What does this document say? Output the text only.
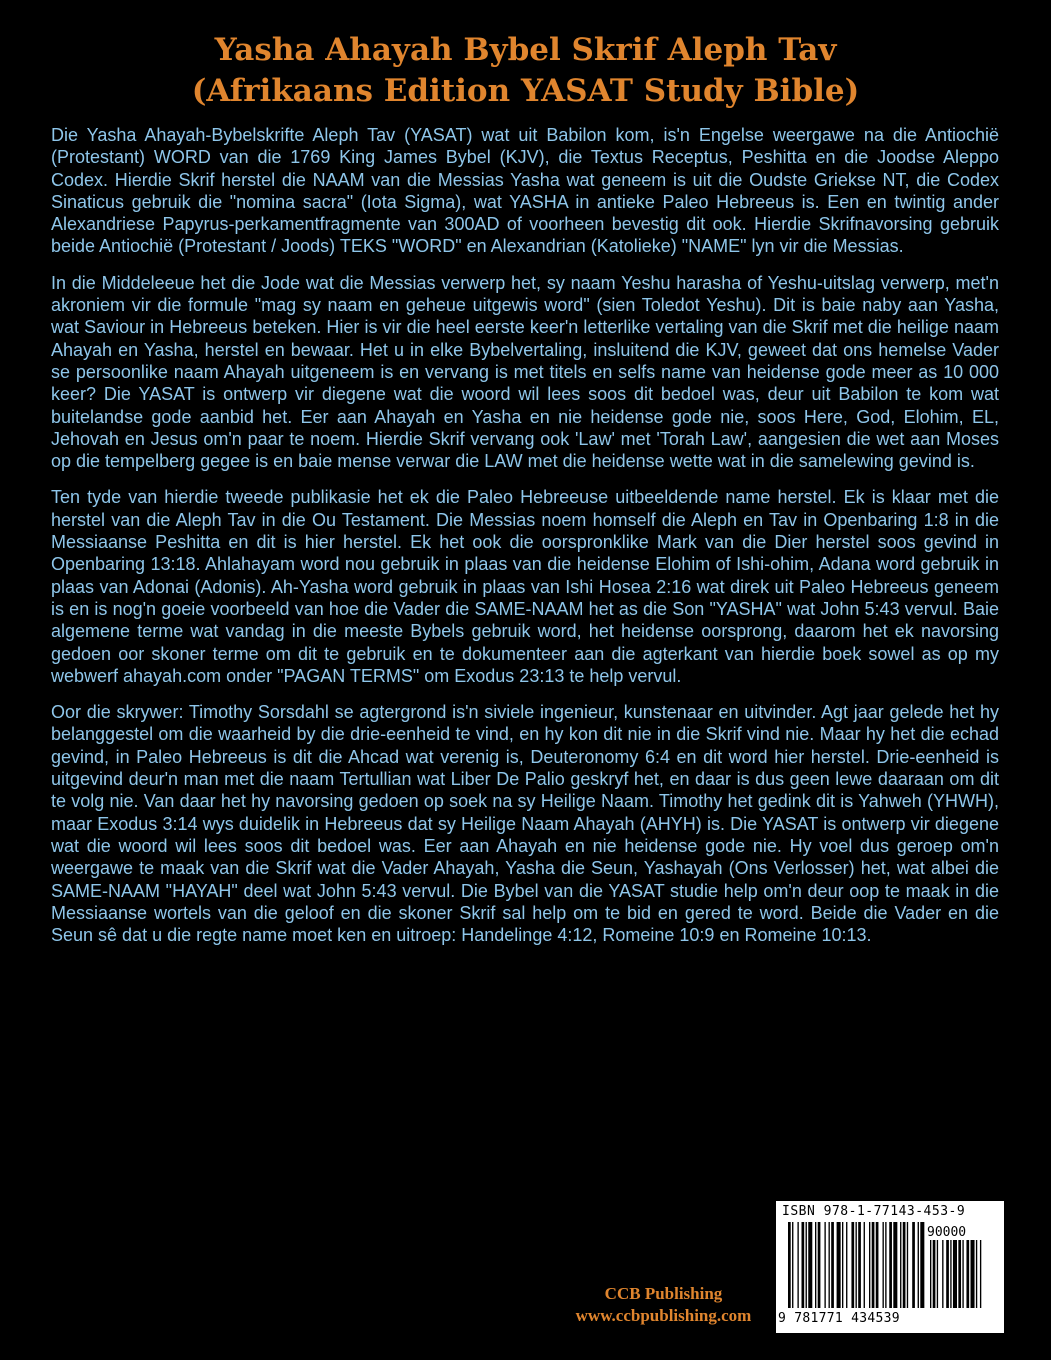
Yasha Ahayah Bybel Skrif Aleph Tav
(Afrikaans Edition YASAT Study Bible)

Die Yasha Ahayah-Bybelskrifte Aleph Tav (YASAT) wat uit Babilon kom, is'n Engelse weergawe na die Antiochië (Protestant) WORD van die 1769 King James Bybel (KJV), die Textus Receptus, Peshitta en die Joodse Aleppo Codex. Hierdie Skrif herstel die NAAM van die Messias Yasha wat geneem is uit die Oudste Griekse NT, die Codex Sinaticus gebruik die "nomina sacra" (Iota Sigma), wat YASHA in antieke Paleo Hebreeus is. Een en twintig ander Alexandriese Papyrus-perkamentfragmente van 300AD of voorheen bevestig dit ook. Hierdie Skrifnavorsing gebruik beide Antiochië (Protestant / Joods) TEKS "WORD" en Alexandrian (Katolieke) "NAME" lyn vir die Messias.

In die Middeleeue het die Jode wat die Messias verwerp het, sy naam Yeshu harasha of Yeshu-uitslag verwerp, met'n akroniem vir die formule "mag sy naam en geheue uitgewis word" (sien Toledot Yeshu). Dit is baie naby aan Yasha, wat Saviour in Hebreeus beteken. Hier is vir die heel eerste keer'n letterlike vertaling van die Skrif met die heilige naam Ahayah en Yasha, herstel en bewaar. Het u in elke Bybelvertaling, insluitend die KJV, geweet dat ons hemelse Vader se persoonlike naam Ahayah uitgeneem is en vervang is met titels en selfs name van heidense gode meer as 10 000 keer? Die YASAT is ontwerp vir diegene wat die woord wil lees soos dit bedoel was, deur uit Babilon te kom wat buitelandse gode aanbid het. Eer aan Ahayah en Yasha en nie heidense gode nie, soos Here, God, Elohim, EL, Jehovah en Jesus om'n paar te noem. Hierdie Skrif vervang ook 'Law' met 'Torah Law', aangesien die wet aan Moses op die tempelberg gegee is en baie mense verwar die LAW met die heidense wette wat in die samelewing gevind is.

Ten tyde van hierdie tweede publikasie het ek die Paleo Hebreeuse uitbeeldende name herstel. Ek is klaar met die herstel van die Aleph Tav in die Ou Testament. Die Messias noem homself die Aleph en Tav in Openbaring 1:8 in die Messiaanse Peshitta en dit is hier herstel. Ek het ook die oorspronklike Mark van die Dier herstel soos gevind in Openbaring 13:18. Ahlahayam word nou gebruik in plaas van die heidense Elohim of Ishi-ohim, Adana word gebruik in plaas van Adonai (Adonis). Ah-Yasha word gebruik in plaas van Ishi Hosea 2:16 wat direk uit Paleo Hebreeus geneem is en is nog'n goeie voorbeeld van hoe die Vader die SAME-NAAM het as die Son "YASHA" wat John 5:43 vervul. Baie algemene terme wat vandag in die meeste Bybels gebruik word, het heidense oorsprong, daarom het ek navorsing gedoen oor skoner terme om dit te gebruik en te dokumenteer aan die agterkant van hierdie boek sowel as op my webwerf ahayah.com onder "PAGAN TERMS" om Exodus 23:13 te help vervul.

Oor die skrywer: Timothy Sorsdahl se agtergrond is'n siviele ingenieur, kunstenaar en uitvinder. Agt jaar gelede het hy belanggestel om die waarheid by die drie-eenheid te vind, en hy kon dit nie in die Skrif vind nie. Maar hy het die echad gevind, in Paleo Hebreeus is dit die Ahcad wat verenig is, Deuteronomy 6:4 en dit word hier herstel. Drie-eenheid is uitgevind deur'n man met die naam Tertullian wat Liber De Palio geskryf het, en daar is dus geen lewe daaraan om dit te volg nie. Van daar het hy navorsing gedoen op soek na sy Heilige Naam. Timothy het gedink dit is Yahweh (YHWH), maar Exodus 3:14 wys duidelik in Hebreeus dat sy Heilige Naam Ahayah (AHYH) is. Die YASAT is ontwerp vir diegene wat die woord wil lees soos dit bedoel was. Eer aan Ahayah en nie heidense gode nie. Hy voel dus geroep om'n weergawe te maak van die Skrif wat die Vader Ahayah, Yasha die Seun, Yashayah (Ons Verlosser) het, wat albei die SAME-NAAM "HAYAH" deel wat John 5:43 vervul. Die Bybel van die YASAT studie help om'n deur oop te maak in die Messiaanse wortels van die geloof en die skoner Skrif sal help om te bid en gered te word. Beide die Vader en die Seun sê dat u die regte name moet ken en uitroep: Handelinge 4:12, Romeine 10:9 en Romeine 10:13.

CCB Publishing
www.ccbpublishing.com
ISBN 978-1-77143-453-9
90000
9 781771 434539
